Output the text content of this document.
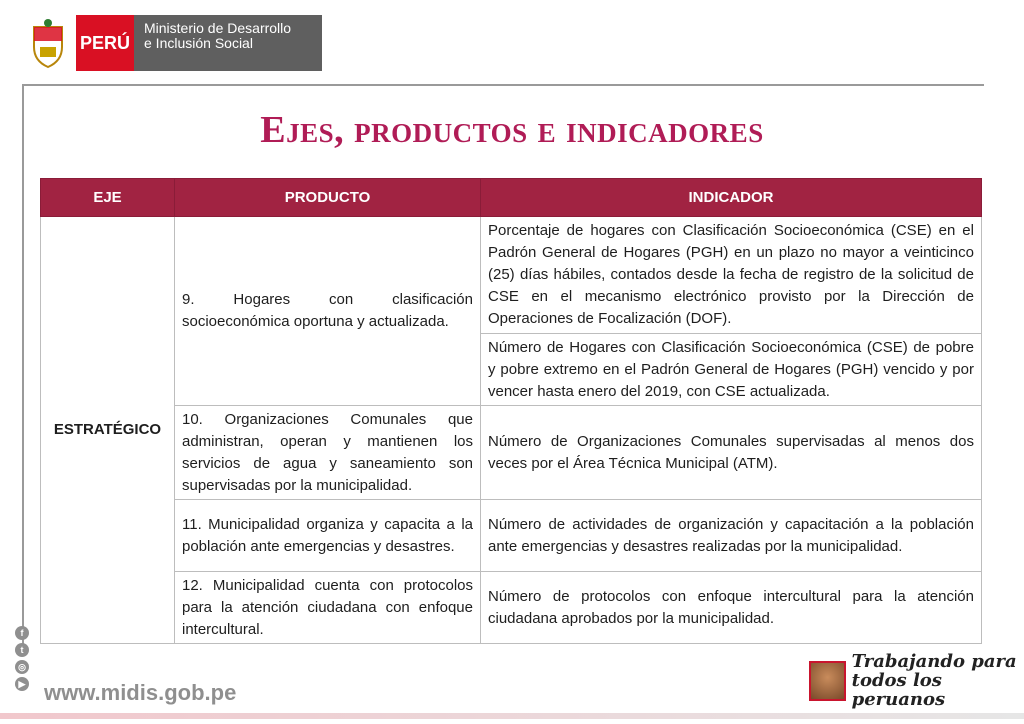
PERÚ
Ministerio de Desarrollo
e Inclusión Social
Ejes, productos e indicadores
EJE	PRODUCTO	INDICADOR
ESTRATÉGICO	9. Hogares con clasificación socioeconómica oportuna y actualizada.	Porcentaje de hogares con Clasificación Socioeconómica (CSE) en el Padrón General de Hogares (PGH) en un plazo no mayor a veinticinco (25) días hábiles, contados desde la fecha de registro de la solicitud de CSE en el mecanismo electrónico provisto por la Dirección de Operaciones de Focalización (DOF).
		Número de Hogares con Clasificación Socioeconómica (CSE) de pobre y pobre extremo en el Padrón General de Hogares (PGH) vencido y por vencer hasta enero del 2019, con CSE actualizada.
	10. Organizaciones Comunales que administran, operan y mantienen los servicios de agua y saneamiento son supervisadas por la municipalidad.	Número de Organizaciones Comunales supervisadas al menos dos veces por el Área Técnica Municipal (ATM).
	11. Municipalidad organiza y capacita a la población ante emergencias y desastres.	Número de actividades de organización y capacitación a la población ante emergencias y desastres realizadas por la municipalidad.
	12. Municipalidad cuenta con protocolos para la atención ciudadana con enfoque intercultural.	Número de protocolos con enfoque intercultural para la atención ciudadana aprobados por la municipalidad.
f
t
◎
▶ www.midis.gob.pe
Trabajando para
todos los peruanos
